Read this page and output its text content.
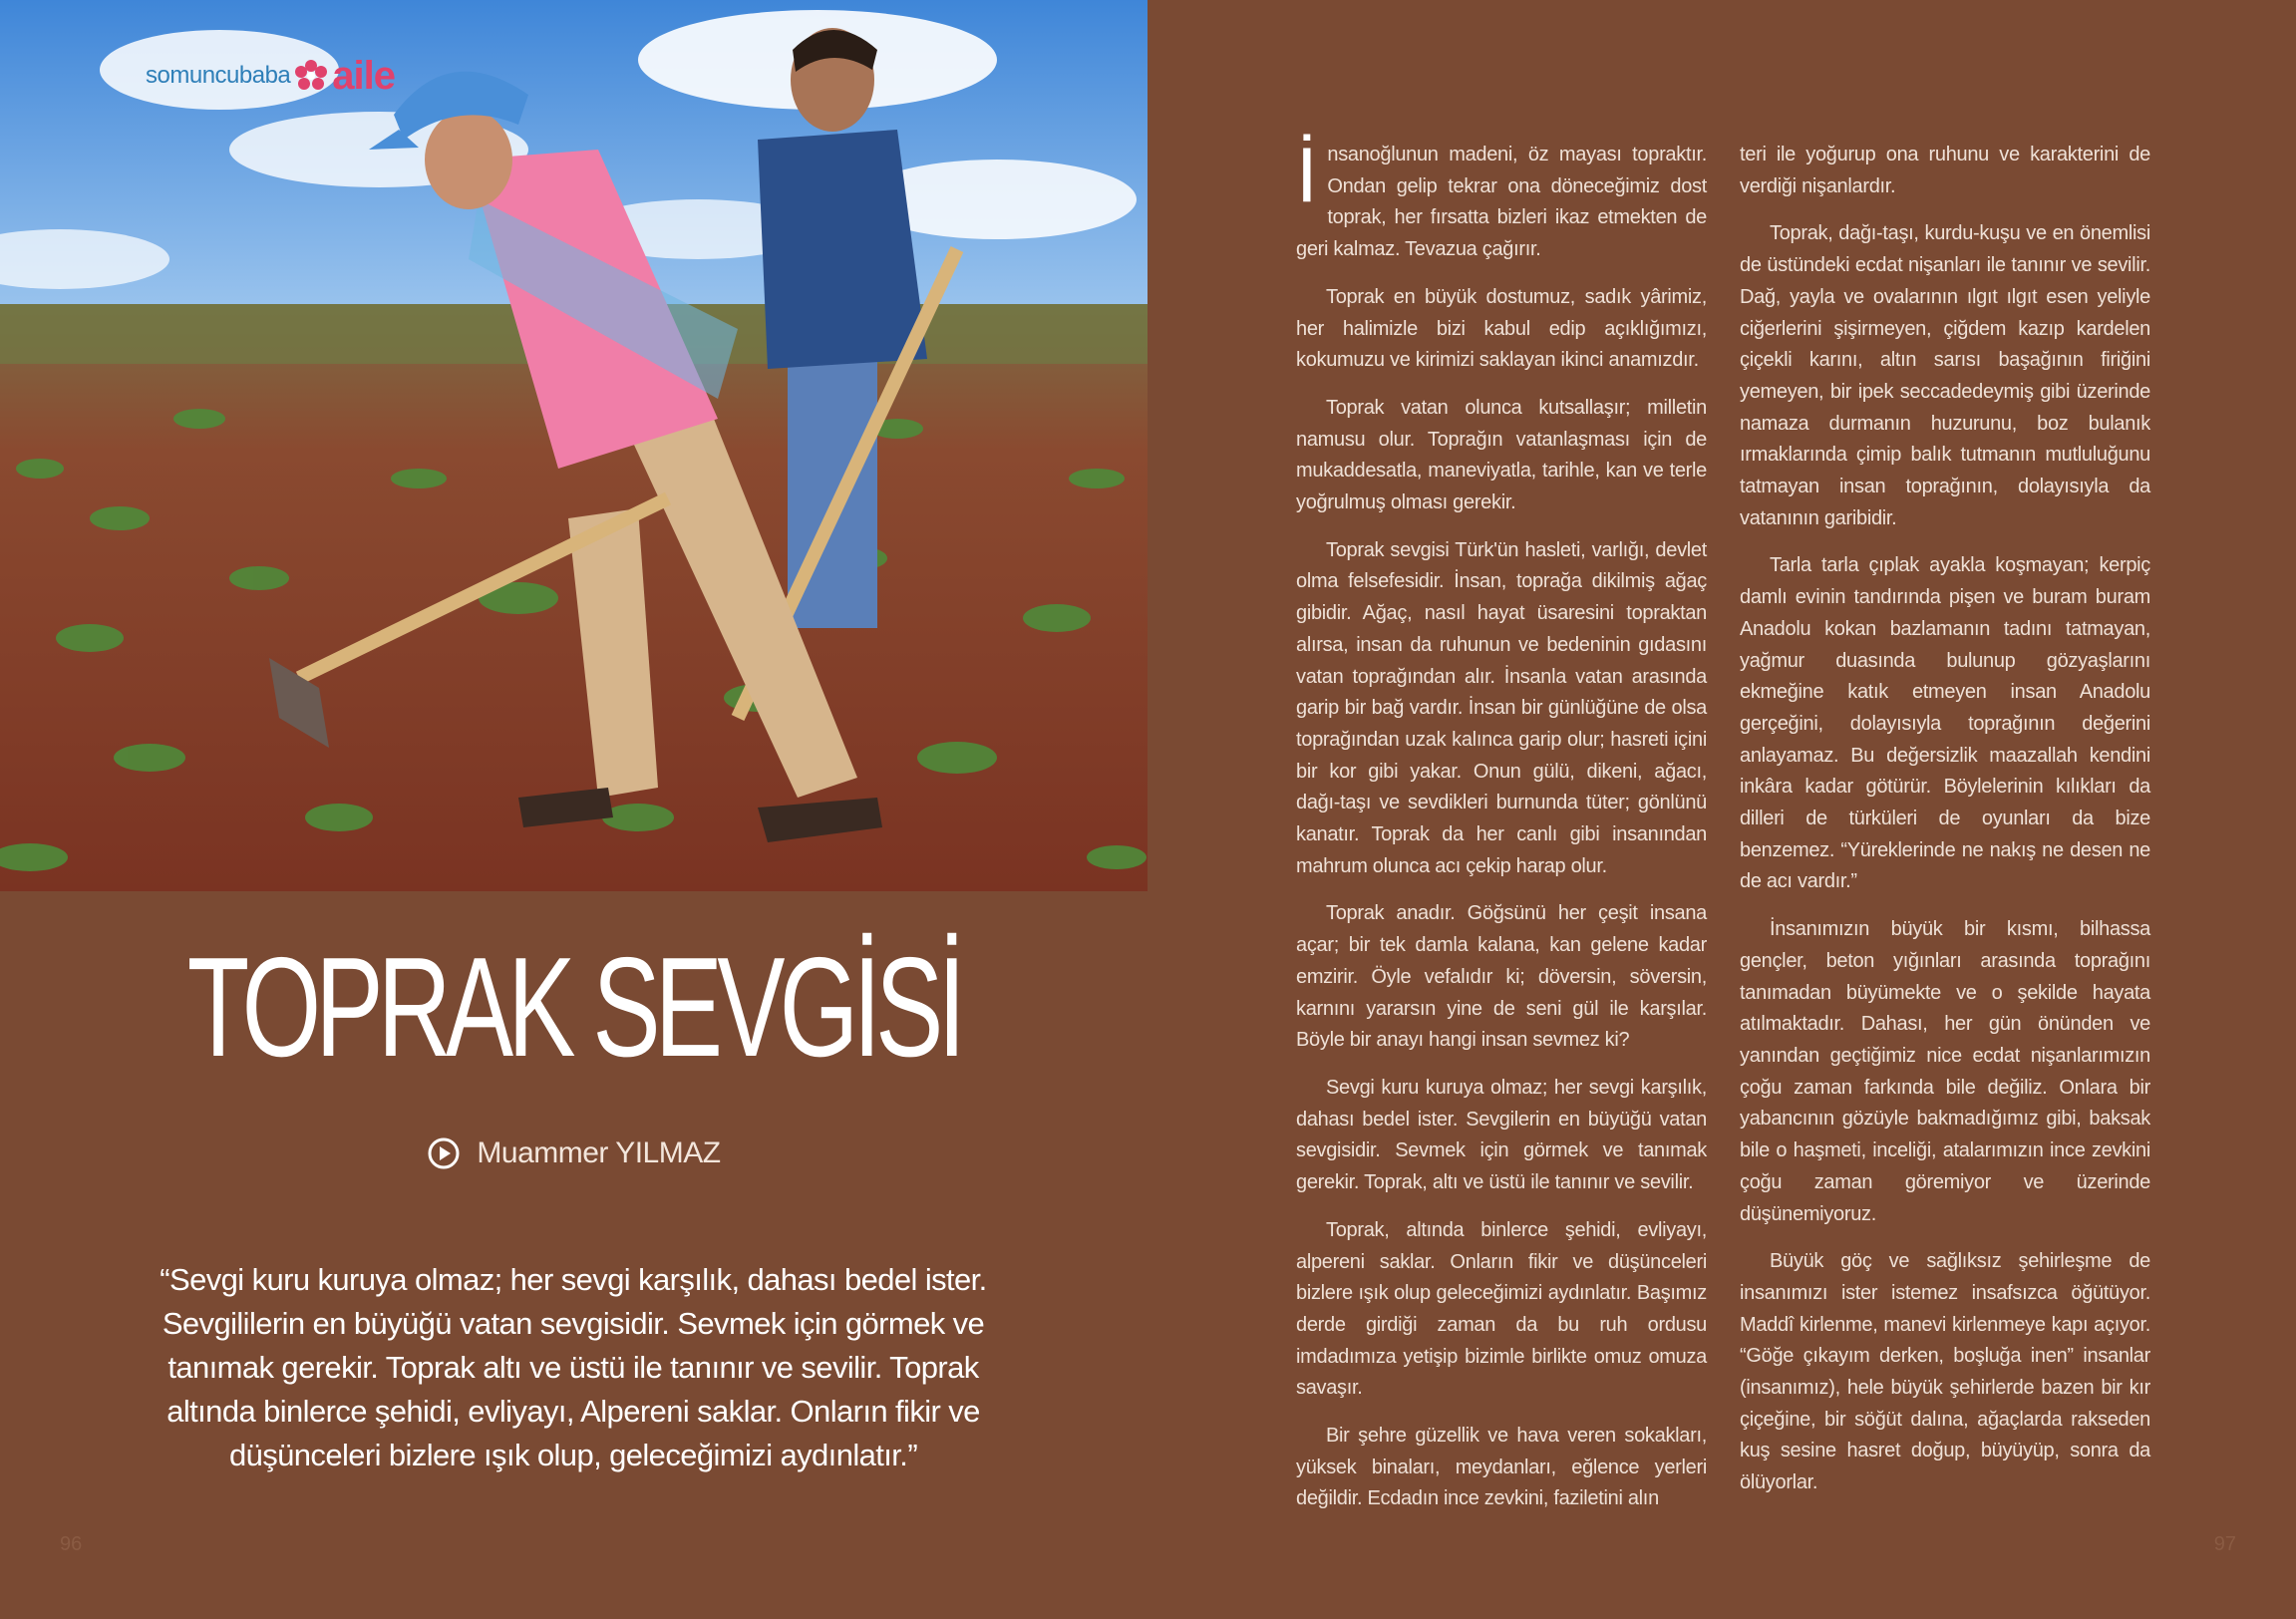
somuncubaba aile
TOPRAK SEVGİSİ
Muammer YILMAZ

“Sevgi kuru kuruya olmaz; her sevgi karşılık, dahası bedel ister. Sevgililerin en büyüğü vatan sevgisidir. Sevmek için görmek ve tanımak gerekir. Toprak altı ve üstü ile tanınır ve sevilir. Toprak altında binlerce şehidi, evliyayı, Alpereni saklar. Onların fikir ve düşünceleri bizlere ışık olup, geleceğimizi aydınlatır.”

İnsanoğlunun madeni, öz mayası topraktır. Ondan gelip tekrar ona döneceğimiz dost toprak, her fırsatta bizleri ikaz etmekten de geri kalmaz. Tevazua çağırır.

Toprak en büyük dostumuz, sadık yârimiz, her halimizle bizi kabul edip açıklığımızı, kokumuzu ve kirimizi saklayan ikinci anamızdır.

Toprak vatan olunca kutsallaşır; milletin namusu olur. Toprağın vatanlaşması için de mukaddesatla, maneviyatla, tarihle, kan ve terle yoğrulmuş olması gerekir.

Toprak sevgisi Türk'ün hasleti, varlığı, devlet olma felsefesidir. İnsan, toprağa dikilmiş ağaç gibidir. Ağaç, nasıl hayat üsaresini topraktan alırsa, insan da ruhunun ve bedeninin gıdasını vatan toprağından alır. İnsanla vatan arasında garip bir bağ vardır. İnsan bir günlüğüne de olsa toprağından uzak kalınca garip olur; hasreti içini bir kor gibi yakar. Onun gülü, dikeni, ağacı, dağı-taşı ve sevdikleri burnunda tüter; gönlünü kanatır. Toprak da her canlı gibi insanından mahrum olunca acı çekip harap olur.

Toprak anadır. Göğsünü her çeşit insana açar; bir tek damla kalana, kan gelene kadar emzirir. Öyle vefalıdır ki; döversin, söversin, karnını yararsın yine de seni gül ile karşılar. Böyle bir anayı hangi insan sevmez ki?

Sevgi kuru kuruya olmaz; her sevgi karşılık, dahası bedel ister. Sevgilerin en büyüğü vatan sevgisidir. Sevmek için görmek ve tanımak gerekir. Toprak, altı ve üstü ile tanınır ve sevilir.

Toprak, altında binlerce şehidi, evliyayı, alpereni saklar. Onların fikir ve düşünceleri bizlere ışık olup geleceğimizi aydınlatır. Başımız derde girdiği zaman da bu ruh ordusu imdadımıza yetişip bizimle birlikte omuz omuza savaşır.

Bir şehre güzellik ve hava veren sokakları, yüksek binaları, meydanları, eğlence yerleri değildir. Ecdadın ince zevkini, faziletini alın

teri ile yoğurup ona ruhunu ve karakterini de verdiği nişanlardır.

Toprak, dağı-taşı, kurdu-kuşu ve en önemlisi de üstündeki ecdat nişanları ile tanınır ve sevilir. Dağ, yayla ve ovalarının ılgıt ılgıt esen yeliyle ciğerlerini şişirmeyen, çiğdem kazıp kardelen çiçekli karını, altın sarısı başağının firiğini yemeyen, bir ipek seccadedeymiş gibi üzerinde namaza durmanın huzurunu, boz bulanık ırmaklarında çimip balık tutmanın mutluluğunu tatmayan insan toprağının, dolayısıyla da vatanının garibidir.

Tarla tarla çıplak ayakla koşmayan; kerpiç damlı evinin tandırında pişen ve buram buram Anadolu kokan bazlamanın tadını tatmayan, yağmur duasında bulunup gözyaşlarını ekmeğine katık etmeyen insan Anadolu gerçeğini, dolayısıyla toprağının değerini anlayamaz. Bu değersizlik maazallah kendini inkâra kadar götürür. Böylelerinin kılıkları da dilleri de türküleri de oyunları da bize benzemez. “Yüreklerinde ne nakış ne desen ne de acı vardır.”

İnsanımızın büyük bir kısmı, bilhassa gençler, beton yığınları arasında toprağını tanımadan büyümekte ve o şekilde hayata atılmaktadır. Dahası, her gün önünden ve yanından geçtiğimiz nice ecdat nişanlarımızın çoğu zaman farkında bile değiliz. Onlara bir yabancının gözüyle bakmadığımız gibi, baksak bile o haşmeti, inceliği, atalarımızın ince zevkini çoğu zaman göremiyor ve üzerinde düşünemiyoruz.

Büyük göç ve sağlıksız şehirleşme de insanımızı ister istemez insafsızca öğütüyor. Maddî kirlenme, manevi kirlenmeye kapı açıyor. “Göğe çıkayım derken, boşluğa inen” insanlar (insanımız), hele büyük şehirlerde bazen bir kır çiçeğine, bir söğüt dalına, ağaçlarda rakseden kuş sesine hasret doğup, büyüyüp, sonra da ölüyorlar.

96	97
